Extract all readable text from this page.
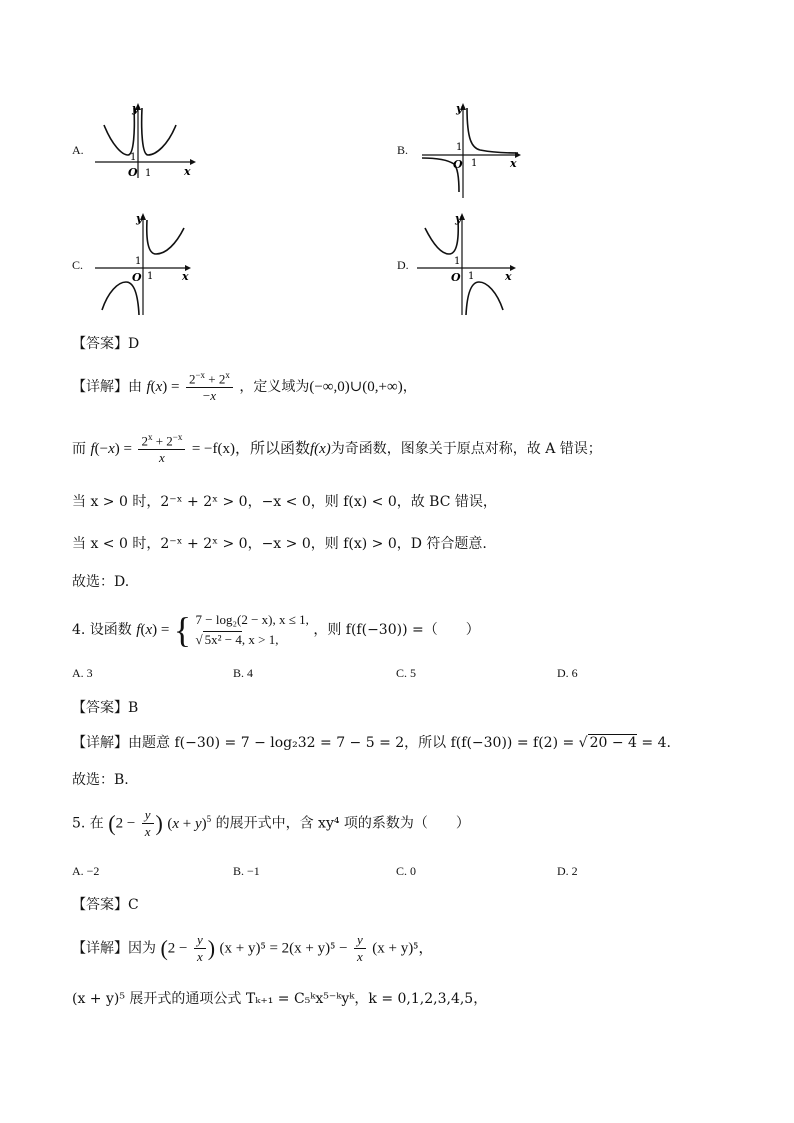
A.	B.
C.	D.
y
x
O 1
1
y
x
O 1
1
y
x
O 1
1
y
x
O 1
1
【答案】D
【详解】由 $f(x) = \frac{2^{-x} + 2^x}{-x}$ ，定义域为(−∞,0)∪(0,+∞)，
而 $f(-x) = \frac{2^x + 2^{-x}}{x} = -f(x)$，所以函数f(x)为奇函数，图象关于原点对称，故 A 错误；
当 x > 0 时，2⁻ˣ + 2ˣ > 0，−x < 0，则 f(x) < 0，故 BC 错误，
当 x < 0 时，2⁻ˣ + 2ˣ > 0，−x > 0，则 f(x) > 0，D 符合题意.
故选：D.
4. 设函数 f(x) = { 7 − log₂(2 − x), x ≤ 1,
√ 5x² − 4, x > 1,
，则 f(f(−30)) =（　　）
A. 3	B. 4	C. 5	D. 6
【答案】B
【详解】由题意 f(−30) = 7 − log₂32 = 7 − 5 = 2，所以 f(f(−30)) = f(2) = √ 20 − 4 = 4.
故选：B.
5. 在 ($2 - \frac{y}{x}$ ) $(x + y)^5$ 的展开式中，含 xy⁴ 项的系数为（　　）
A. −2	B. −1	C. 0	D. 2
【答案】C
【详解】因为 ($2 - \frac{y}{x}$ ) $(x + y)^5 = 2(x + y)^5 - \frac{y}{x} (x + y)^5$，
(x + y)⁵ 展开式的通项公式 Tₖ₊₁ = C₅ᵏx⁵⁻ᵏyᵏ，k = 0,1,2,3,4,5，
